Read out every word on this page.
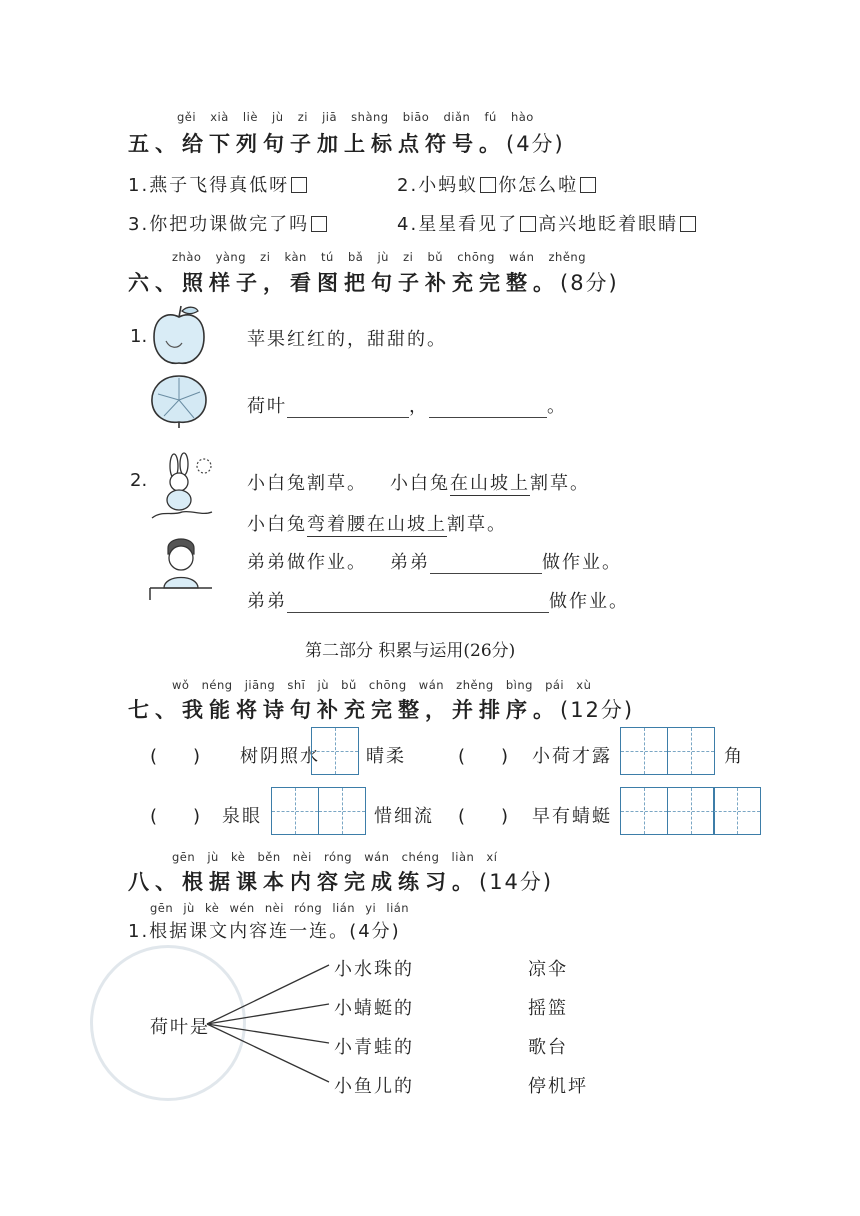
gěi xià liè jù zi jiā shàng biāo diǎn fú hào
五、给下列句子加上标点符号。(4分)
1.燕子飞得真低呀	2.小蚂蚁 你怎么啦
3.你把功课做完了吗	4.星星看见了 高兴地眨着眼睛
zhào yàng zi kàn tú bǎ jù zi bǔ chōng wán zhěng
六、照样子，看图把句子补充完整。(8分)
1.	苹果红红的，甜甜的。
荷叶	，	。
2.	小白兔割草。 小白兔在山坡上割草。
小白兔弯着腰在山坡上割草。
弟弟做作业。 弟弟	做作业。
弟弟	做作业。
第二部分 积累与运用(26分)
wǒ néng jiāng shī jù bǔ chōng wán zhěng bìng pái xù
七、我能将诗句补充完整，并排序。(12分)
(　　) 树阴照水	晴柔	(　　) 小荷才露	角
(　　) 泉眼	惜细流 (　　) 早有蜻蜓
gēn jù kè běn nèi róng wán chéng liàn xí
八、根据课本内容完成练习。(14分)
gēn jù kè wén nèi róng lián yi lián
1.根据课文内容连一连。(4分)
荷叶是
小水珠的
小蜻蜓的
小青蛙的
小鱼儿的
凉伞
摇篮
歌台
停机坪
